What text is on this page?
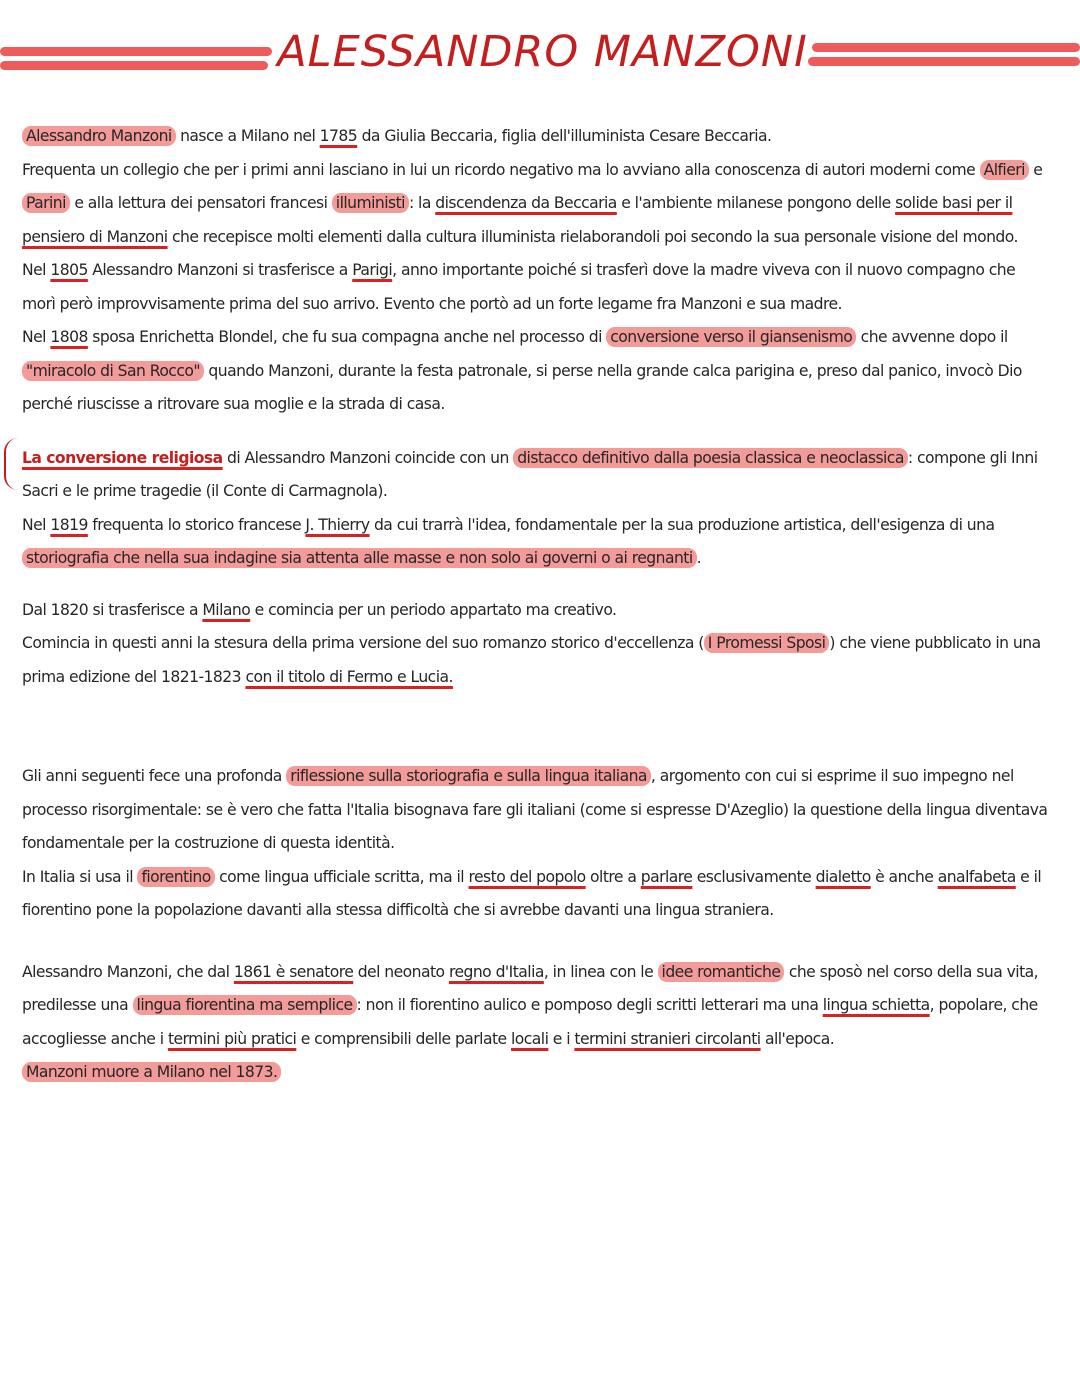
ALESSANDRO MANZONI

Alessandro Manzoni nasce a Milano nel 1785 da Giulia Beccaria, figlia dell'illuminista Cesare Beccaria.
Frequenta un collegio che per i primi anni lasciano in lui un ricordo negativo ma lo avviano alla conoscenza di autori moderni come Alfieri e Parini e alla lettura dei pensatori francesi illuministi : la discendenza da Beccaria e l'ambiente milanese pongono delle solide basi per il pensiero di Manzoni che recepisce molti elementi dalla cultura illuminista rielaborandoli poi secondo la sua personale visione del mondo.
Nel 1805 Alessandro Manzoni si trasferisce a Parigi, anno importante poiché si trasferì dove la madre viveva con il nuovo compagno che morì però improvvisamente prima del suo arrivo. Evento che portò ad un forte legame fra Manzoni e sua madre.
Nel 1808 sposa Enrichetta Blondel, che fu sua compagna anche nel processo di conversione verso il giansenismo che avvenne dopo il "miracolo di San Rocco" quando Manzoni, durante la festa patronale, si perse nella grande calca parigina e, preso dal panico, invocò Dio perché riuscisse a ritrovare sua moglie e la strada di casa.

La conversione religiosa di Alessandro Manzoni coincide con un distacco definitivo dalla poesia classica e neoclassica : compone gli Inni Sacri e le prime tragedie (il Conte di Carmagnola).
Nel 1819 frequenta lo storico francese J. Thierry da cui trarrà l'idea, fondamentale per la sua produzione artistica, dell'esigenza di una storiografia che nella sua indagine sia attenta alle masse e non solo ai governi o ai regnanti .

Dal 1820 si trasferisce a Milano e comincia per un periodo appartato ma creativo.
Comincia in questi anni la stesura della prima versione del suo romanzo storico d'eccellenza ( I Promessi Sposi ) che viene pubblicato in una prima edizione del 1821-1823 con il titolo di Fermo e Lucia.

Gli anni seguenti fece una profonda riflessione sulla storiografia e sulla lingua italiana , argomento con cui si esprime il suo impegno nel processo risorgimentale: se è vero che fatta l'Italia bisognava fare gli italiani (come si espresse D'Azeglio) la questione della lingua diventava fondamentale per la costruzione di questa identità.
In Italia si usa il fiorentino come lingua ufficiale scritta, ma il resto del popolo oltre a parlare esclusivamente dialetto è anche analfabeta e il fiorentino pone la popolazione davanti alla stessa difficoltà che si avrebbe davanti una lingua straniera.

Alessandro Manzoni, che dal 1861 è senatore del neonato regno d'Italia, in linea con le idee romantiche che sposò nel corso della sua vita, predilesse una lingua fiorentina ma semplice : non il fiorentino aulico e pomposo degli scritti letterari ma una lingua schietta, popolare, che accogliesse anche i termini più pratici e comprensibili delle parlate locali e i termini stranieri circolanti all'epoca.
Manzoni muore a Milano nel 1873.
